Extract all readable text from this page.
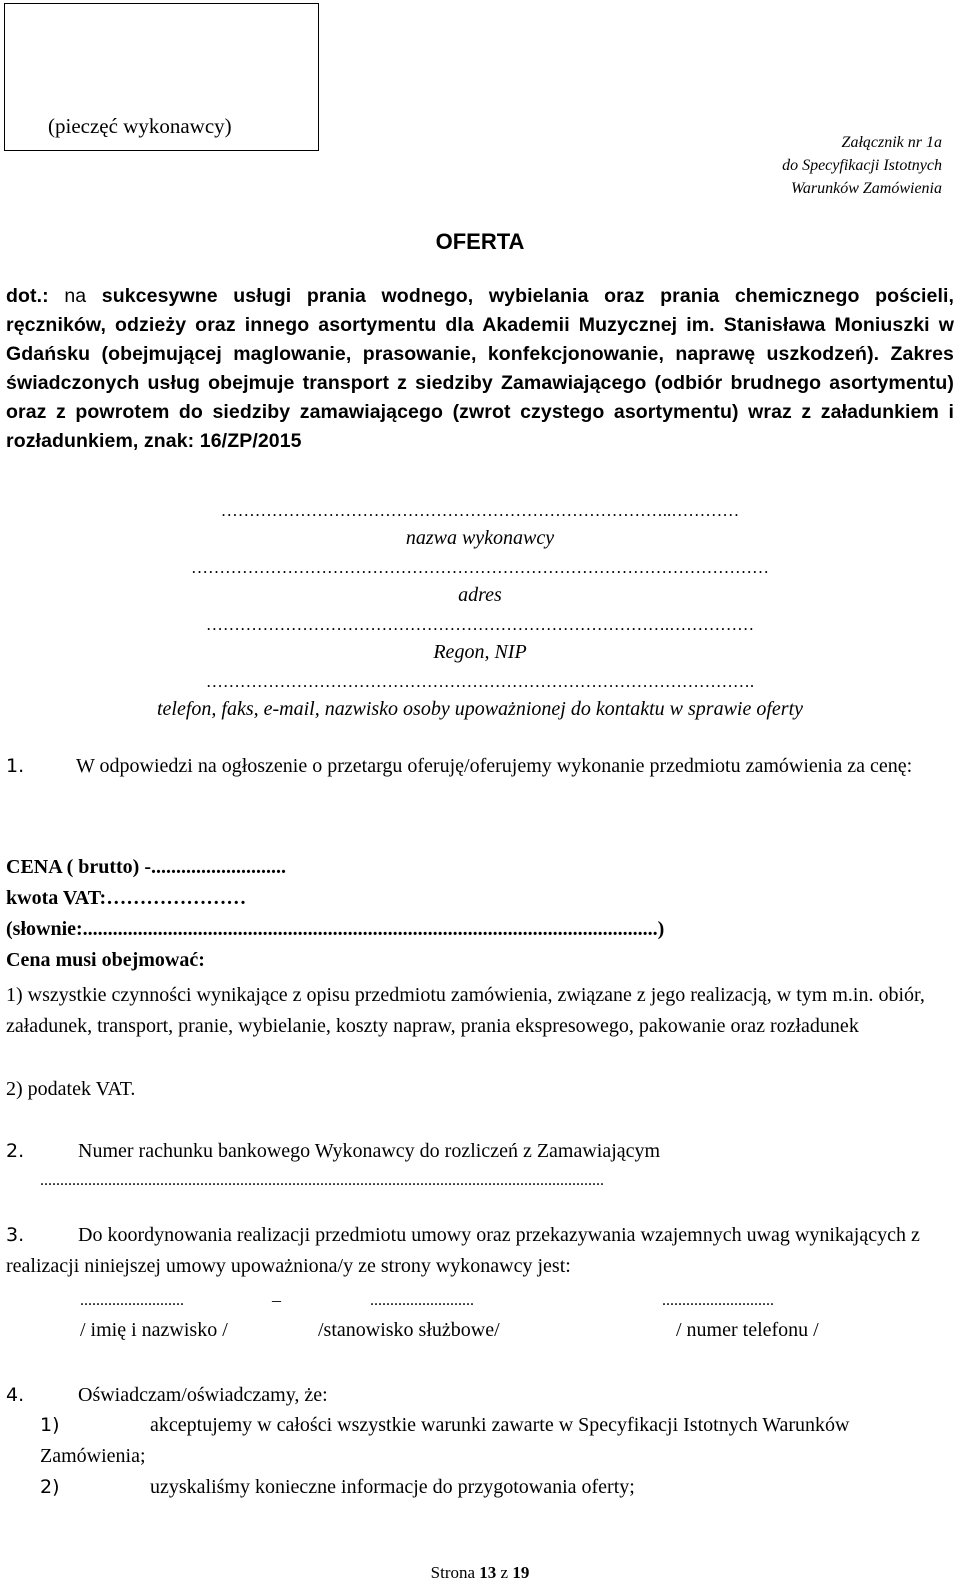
(pieczęć wykonawcy)
Załącznik nr 1a
do Specyfikacji Istotnych
Warunków Zamówienia
OFERTA
dot.: na sukcesywne usługi prania wodnego, wybielania oraz prania chemicznego pościeli, ręczników, odzieży oraz innego asortymentu dla Akademii Muzycznej im. Stanisława Moniuszki w Gdańsku (obejmującej maglowanie, prasowanie, konfekcjonowanie, naprawę uszkodzeń). Zakres świadczonych usług obejmuje transport z siedziby Zamawiającego (odbiór brudnego asortymentu) oraz z powrotem do siedziby zamawiającego (zwrot czystego asortymentu) wraz z załadunkiem i rozładunkiem, znak: 16/ZP/2015
……………………………………………………………………..…………
nazwa wykonawcy
…………………………………………………………………………………………
adres
……………………………………………………………………….……………
Regon, NIP
…………………………………………………………………………………….
telefon, faks, e-mail, nazwisko osoby upoważnionej do kontaktu w sprawie oferty
1.	W odpowiedzi na ogłoszenie o przetargu oferuję/oferujemy wykonanie przedmiotu zamówienia za cenę:
CENA ( brutto) -...........................
kwota VAT:…………………
(słownie:...................................................................................................................)
Cena musi obejmować:
1) wszystkie czynności wynikające z opisu przedmiotu zamówienia, związane z jego realizacją, w tym m.in. obiór, załadunek, transport, pranie, wybielanie, koszty napraw, prania ekspresowego, pakowanie oraz rozładunek
2) podatek VAT.
2.	Numer rachunku bankowego Wykonawcy do rozliczeń z Zamawiającym
.............................................................................................................................................
3.	Do koordynowania realizacji przedmiotu umowy oraz przekazywania wzajemnych uwag wynikających z realizacji niniejszej umowy upoważniona/y ze strony wykonawcy jest:
..........................	–	..........................	............................
/ imię i nazwisko /	/stanowisko służbowe/	/ numer telefonu /
4.	Oświadczam/oświadczamy, że:
1)	akceptujemy w całości wszystkie warunki zawarte w Specyfikacji Istotnych Warunków Zamówienia;
2)	uzyskaliśmy konieczne informacje do przygotowania oferty;
Strona 13 z 19
